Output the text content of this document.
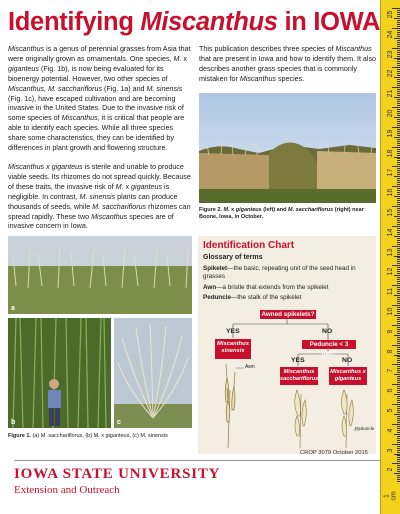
Identifying Miscanthus in IOWA

Miscanthus is a genus of perennial grasses from Asia that were originally grown as ornamentals. One species, M. x giganteus (Fig. 1b), is now being evaluated for its bioenergy potential. However, two other species of Miscanthus, M. sacchariflorus (Fig. 1a) and M. sinensis (Fig. 1c), have escaped cultivation and are becoming invasive in the United States. Due to the invasive risk of some species of Miscanthus, it is critical that people are able to identify each species. While all three species share some characteristics, they can be identified by differences in plant growth and flowering structure.

Miscanthus x giganteus is sterile and unable to produce viable seeds. Its rhizomes do not spread quickly. Because of these traits, the invasive risk of M. x giganteus is negligible. In contrast, M. sinensis plants can produce thousands of seeds, while M. sacchariflorus rhizomes can spread rapidly. These two Miscanthus species are of invasive concern in Iowa.

This publication describes three species of Miscanthus that are present in Iowa and how to identify them. It also describes another grass species that is commonly mistaken for Miscanthus species.

Figure 2. M. x giganteus (left) and M. sacchariflorus (right) near Boone, Iowa, in October.
a
b	c
Figure 1. (a) M. sacchariflorus, (b) M. x giganteus, (c) M. sinensis
Identification Chart
Glossary of terms
Spikelet—the basic, repeating unit of the seed head in grasses
Awn—a bristle that extends from the spikelet
Peduncle—the stalk of the spikelet
Awned spikelets?
YES	NO
Miscanthus sinensis
Peduncle < 3 mm?
YES	NO
Miscanthus sacchariflorus
Miscanthus x giganteus
Awn
Peduncle
CROP 3079 October 2015
IOWA STATE UNIVERSITY
Extension and Outreach
25
24
23
22
21
20
19
18
17
16
15
14
13
12
11
10
9
8
7
6
5
4
3
2
1 cm
